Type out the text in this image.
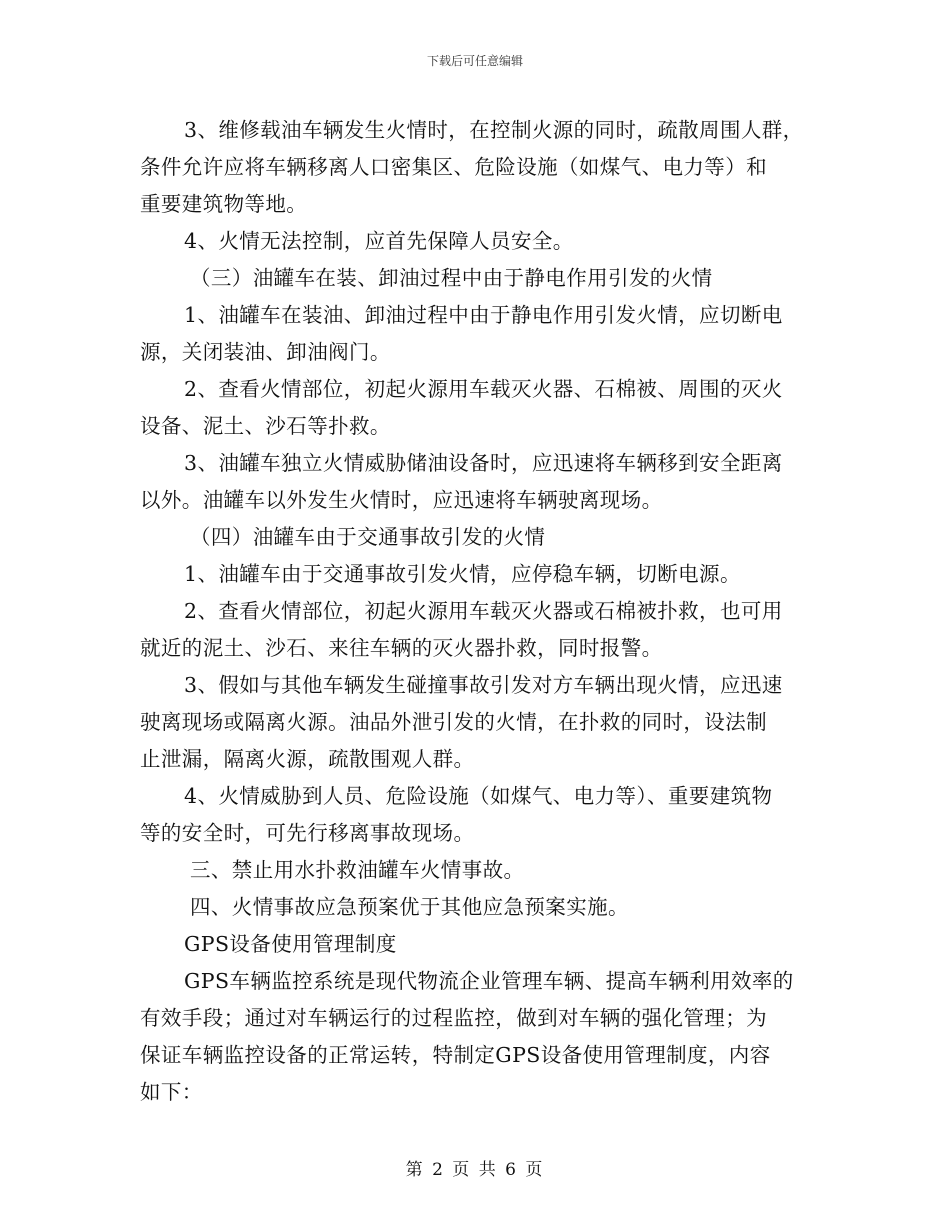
下载后可任意编辑
3、维修载油车辆发生火情时，在控制火源的同时，疏散周围人群，
条件允许应将车辆移离人口密集区、危险设施（如煤气、电力等）和
重要建筑物等地。
4、火情无法控制，应首先保障人员安全。
（三）油罐车在装、卸油过程中由于静电作用引发的火情
1、油罐车在装油、卸油过程中由于静电作用引发火情，应切断电
源，关闭装油、卸油阀门。
2、查看火情部位，初起火源用车载灭火器、石棉被、周围的灭火
设备、泥土、沙石等扑救。
3、油罐车独立火情威胁储油设备时，应迅速将车辆移到安全距离
以外。油罐车以外发生火情时，应迅速将车辆驶离现场。
（四）油罐车由于交通事故引发的火情
1、油罐车由于交通事故引发火情，应停稳车辆，切断电源。
2、查看火情部位，初起火源用车载灭火器或石棉被扑救，也可用
就近的泥土、沙石、来往车辆的灭火器扑救，同时报警。
3、假如与其他车辆发生碰撞事故引发对方车辆出现火情，应迅速
驶离现场或隔离火源。油品外泄引发的火情，在扑救的同时，设法制
止泄漏，隔离火源，疏散围观人群。
4、火情威胁到人员、危险设施（如煤气、电力等）、重要建筑物
等的安全时，可先行移离事故现场。
三、禁止用水扑救油罐车火情事故。
四、火情事故应急预案优于其他应急预案实施。
GPS设备使用管理制度
GPS车辆监控系统是现代物流企业管理车辆、提高车辆利用效率的
有效手段；通过对车辆运行的过程监控，做到对车辆的强化管理；为
保证车辆监控设备的正常运转，特制定GPS设备使用管理制度，内容
如下：
第 2 页 共 6 页
